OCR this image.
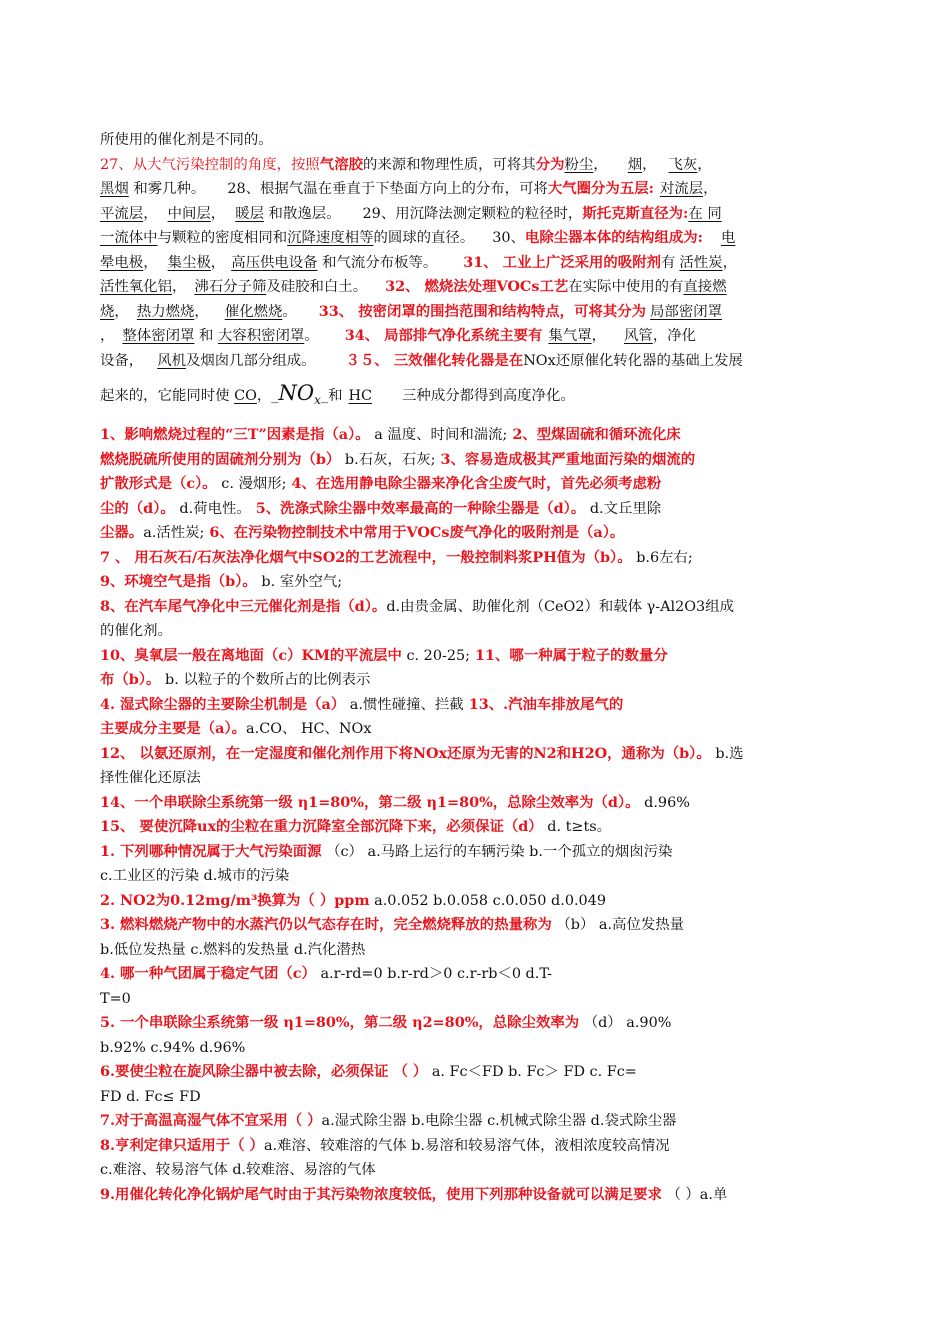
所使用的催化剂是不同的。
27、从大气污染控制的角度，按照气溶胶的来源和物理性质，可将其分为粉尘， 烟， 飞灰，
黑烟 和雾几种。 28、根据气温在垂直于下垫面方向上的分布，可将大气圈分为五层: 对流层，
平流层， 中间层， 暖层 和散逸层。 29、用沉降法测定颗粒的粒径时，斯托克斯直径为:在 同
一流体中与颗粒的密度相同和沉降速度相等的圆球的直径。 30、电除尘器本体的结构组成为: 电
晕电极， 集尘极， 高压供电设备 和气流分布板等。 31、 工业上广泛采用的吸附剂有 活性炭，
活性氧化铝， 沸石分子筛及硅胶和白土。 32、 燃烧法处理VOCs工艺在实际中使用的有直接燃
烧， 热力燃烧， 催化燃烧。 33、 按密闭罩的围挡范围和结构特点，可将其分为 局部密闭罩
， 整体密闭罩 和 大容积密闭罩。 34、 局部排气净化系统主要有 集气罩， 风管，净化
设备， 风机及烟囱几部分组成。 ３５、 三效催化转化器是在NOx还原催化转化器的基础上发展
起来的，它能同时使 CO，$\_NO_x\_$和 HC 三种成分都得到高度净化。
1、影响燃烧过程的“三T”因素是指（a）。 a 温度、时间和湍流; 2、型煤固硫和循环流化床
燃烧脱硫所使用的固硫剂分别为（b） b.石灰，石灰; 3、容易造成极其严重地面污染的烟流的
扩散形式是（c）。 c. 漫烟形; 4、在选用静电除尘器来净化含尘废气时，首先必须考虑粉
尘的（d）。 d.荷电性。 5、洗涤式除尘器中效率最高的一种除尘器是（d）。 d.文丘里除
尘器。a.活性炭; 6、在污染物控制技术中常用于VOCs废气净化的吸附剂是（a）。
7 、 用石灰石/石灰法净化烟气中SO2的工艺流程中，一般控制料浆PH值为（b）。 b.6左右;
9、环境空气是指（b）。 b. 室外空气;
8、在汽车尾气净化中三元催化剂是指（d）。d.由贵金属、助催化剂（CeO2）和载体 γ-Al2O3组成
的催化剂。
10、臭氧层一般在离地面（c）KM的平流层中 c. 20-25; 11、哪一种属于粒子的数量分
布（b）。 b. 以粒子的个数所占的比例表示
4. 湿式除尘器的主要除尘机制是（a） a.惯性碰撞、拦截 13、.汽油车排放尾气的
主要成分主要是（a）。a.CO、 HC、NOx
12、 以氨还原剂，在一定湿度和催化剂作用下将NOx还原为无害的N2和H2O，通称为（b）。 b.选
择性催化还原法
14、一个串联除尘系统第一级 η1=80%，第二级 η1=80%，总除尘效率为（d）。 d.96%
15、 要使沉降ux的尘粒在重力沉降室全部沉降下来，必须保证（d） d. t≥ts。
1. 下列哪种情况属于大气污染面源 （c） a.马路上运行的车辆污染 b.一个孤立的烟囱污染
c.工业区的污染 d.城市的污染
2. NO2为0.12mg/m³换算为（ ）ppm a.0.052 b.0.058 c.0.050 d.0.049
3. 燃料燃烧产物中的水蒸汽仍以气态存在时，完全燃烧释放的热量称为 （b） a.高位发热量
b.低位发热量 c.燃料的发热量 d.汽化潜热
4. 哪一种气团属于稳定气团（c） a.r-rd=0 b.r-rd＞0 c.r-rb＜0 d.T-
T=0
5. 一个串联除尘系统第一级 η1=80%，第二级 η2=80%，总除尘效率为 （d） a.90%
b.92% c.94% d.96%
6.要使尘粒在旋风除尘器中被去除，必须保证 （ ） a. Fc＜FD b. Fc＞ FD c. Fc=
FD d. Fc≤ FD
7.对于高温高湿气体不宜采用（ ）a.湿式除尘器 b.电除尘器 c.机械式除尘器 d.袋式除尘器
8.亨利定律只适用于（ ）a.难溶、较难溶的气体 b.易溶和较易溶气体，液相浓度较高情况
c.难溶、较易溶气体 d.较难溶、易溶的气体
9.用催化转化净化锅炉尾气时由于其污染物浓度较低，使用下列那种设备就可以满足要求 （ ）a.单
